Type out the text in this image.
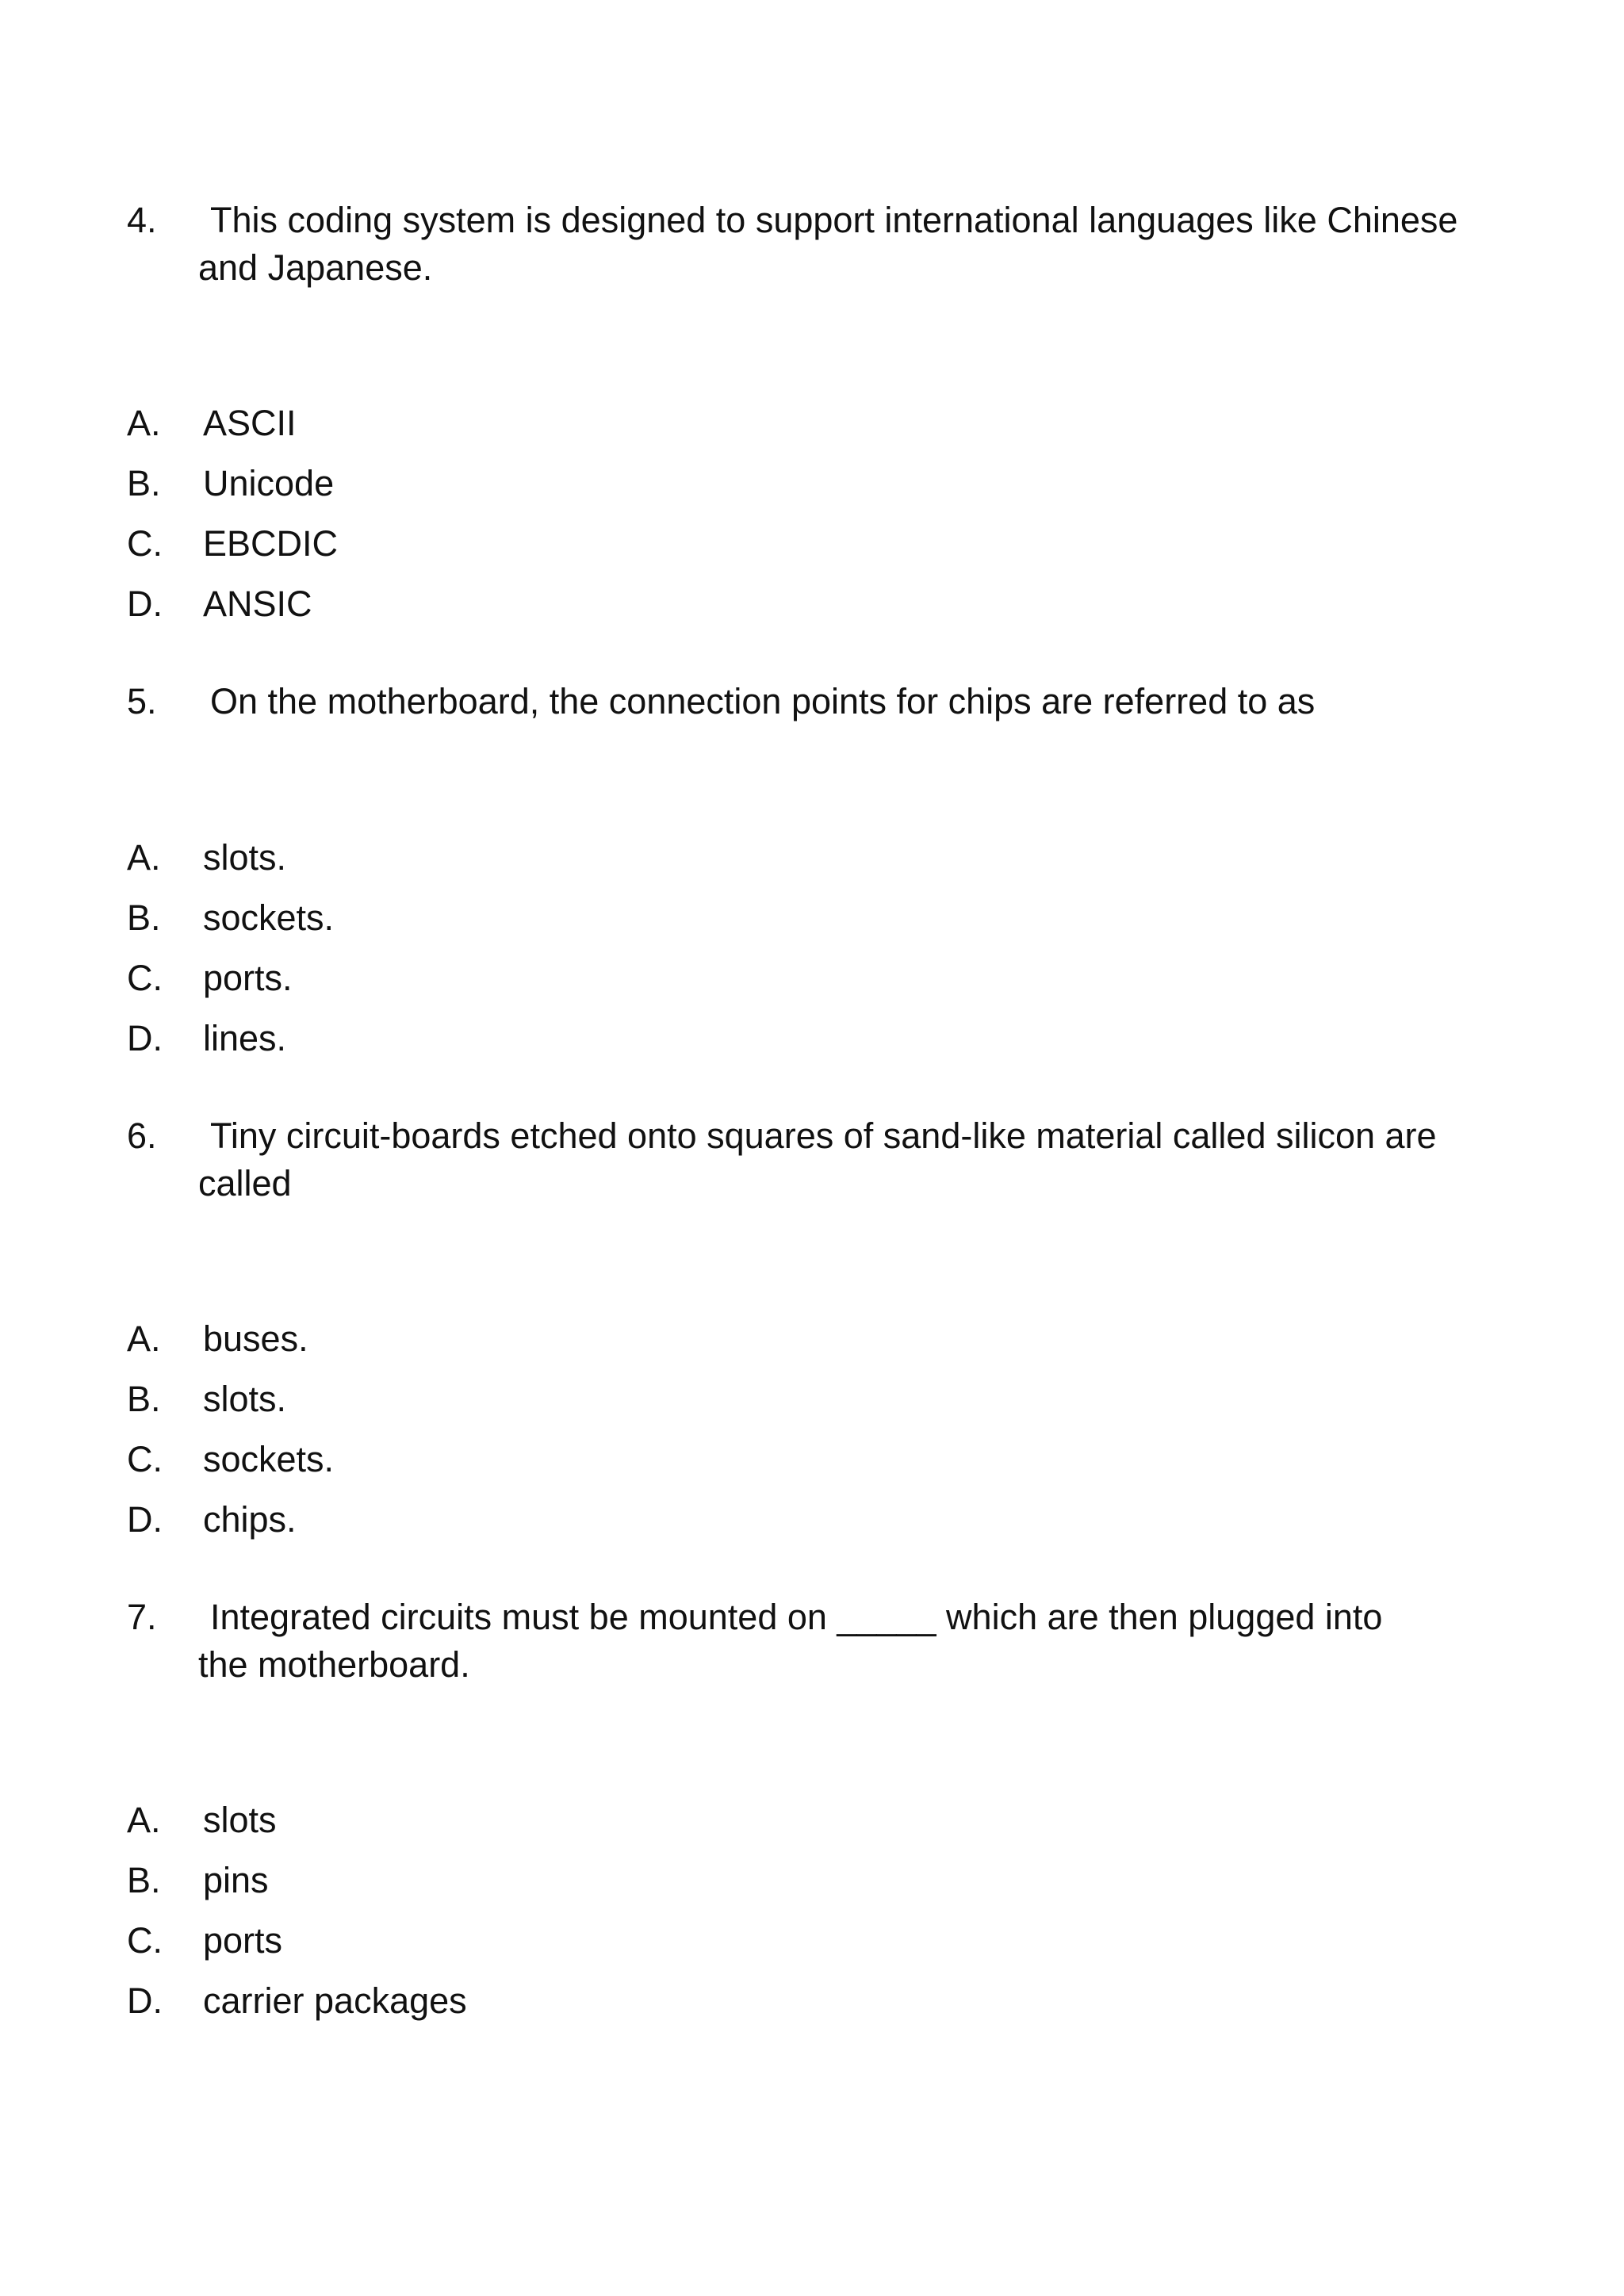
4. This coding system is designed to support international languages like Chinese

and Japanese.

A. ASCII
B. Unicode
C. EBCDIC
D. ANSIC

5. On the motherboard, the connection points for chips are referred to as

A. slots.
B. sockets.
C. ports.
D. lines.

6. Tiny circuit-boards etched onto squares of sand-like material called silicon are

called

A. buses.
B. slots.
C. sockets.
D. chips.

7. Integrated circuits must be mounted on _____ which are then plugged into

the motherboard.

A. slots
B. pins
C. ports
D. carrier packages
